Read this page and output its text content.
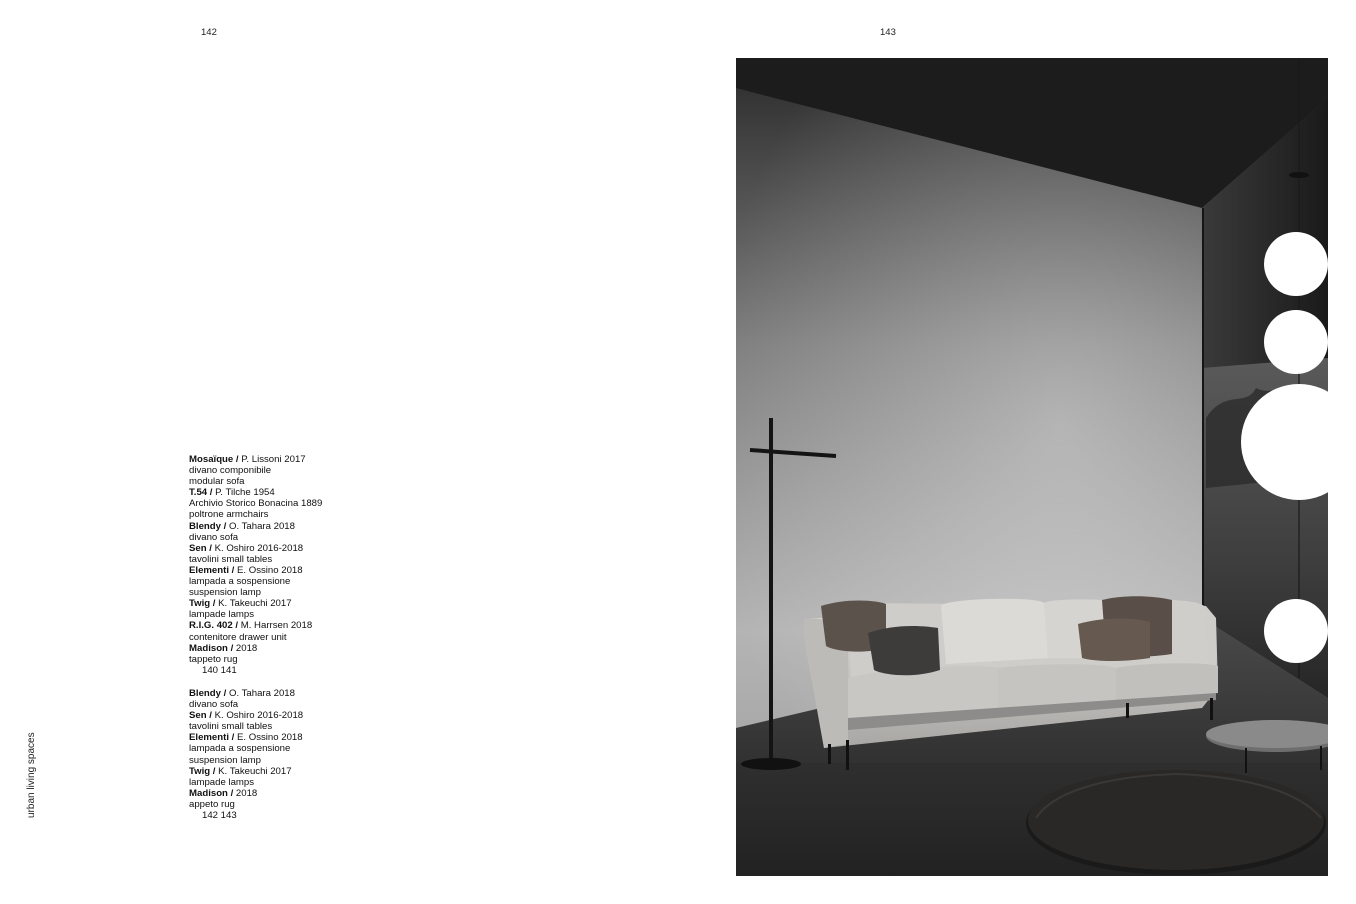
142	143
urban living spaces
Mosaïque / P. Lissoni 2017
divano componibile
modular sofa
T.54 / P. Tilche 1954
Archivio Storico Bonacina 1889
poltrone armchairs
Blendy / O. Tahara 2018
divano sofa
Sen / K. Oshiro 2016-2018
tavolini small tables
Elementi / E. Ossino 2018
lampada a sospensione
suspension lamp
Twig / K. Takeuchi 2017
lampade lamps
R.I.G. 402 / M. Harrsen 2018
contenitore drawer unit
Madison / 2018
tappeto rug
140 141
Blendy / O. Tahara 2018
divano sofa
Sen / K. Oshiro 2016-2018
tavolini small tables
Elementi / E. Ossino 2018
lampada a sospensione
suspension lamp
Twig / K. Takeuchi 2017
lampade lamps
Madison / 2018
appeto rug
142 143
